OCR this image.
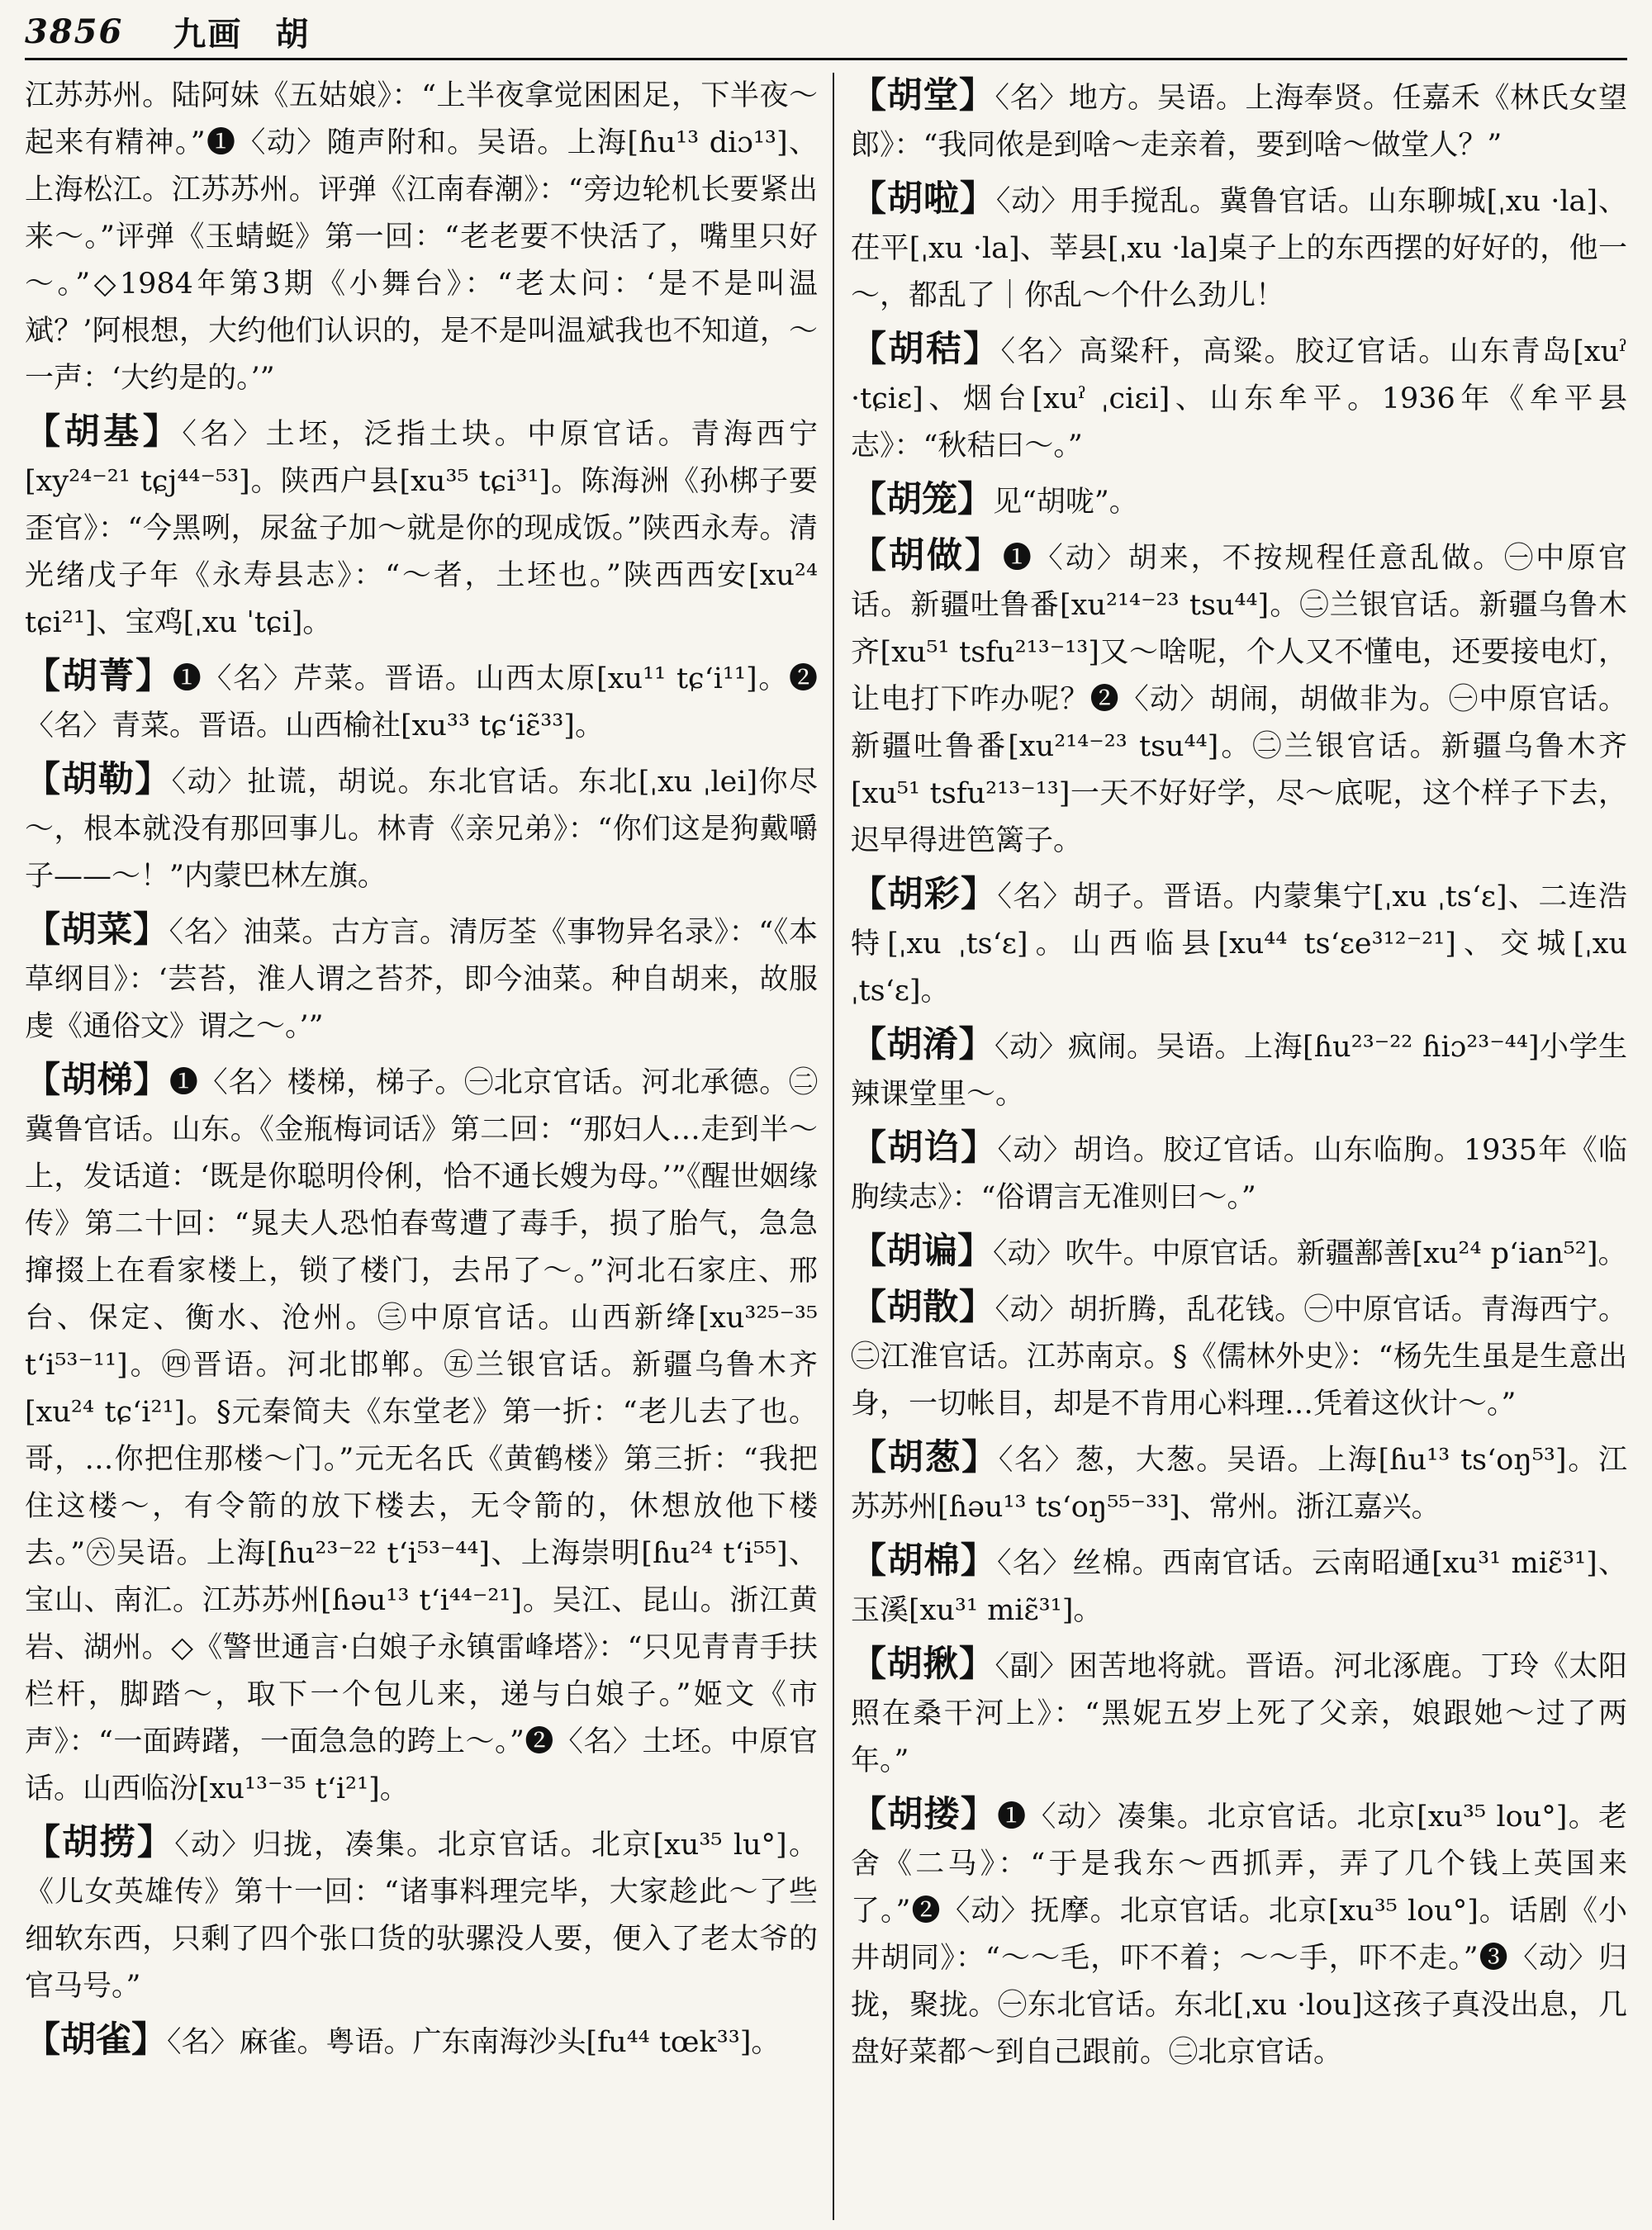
3856 九画 胡

江苏苏州。陆阿妹《五姑娘》：“上半夜拿觉困困足，下半夜～起来有精神。”❶〈动〉随声附和。吴语。上海[ɦu¹³ diɔ¹³]、上海松江。江苏苏州。评弹《江南春潮》：“旁边轮机长要紧出来～。”评弹《玉蜻蜓》第一回：“老老要不快活了，嘴里只好～。”◇1984年第3期《小舞台》：“老太问：‘是不是叫温斌？’阿根想，大约他们认识的，是不是叫温斌我也不知道，～一声：‘大约是的。’”

【胡基】〈名〉土坯，泛指土块。中原官话。青海西宁[xy²⁴⁻²¹ tɕj⁴⁴⁻⁵³]。陕西户县[xu³⁵ tɕi³¹]。陈海洲《孙梆子要歪官》：“今黑咧，尿盆子加～就是你的现成饭。”陕西永寿。清光绪戊子年《永寿县志》：“～者，土坯也。”陕西西安[xu²⁴ tɕi²¹]、宝鸡[ˌxu ˈtɕi]。

【胡菁】❶〈名〉芹菜。晋语。山西太原[xu¹¹ tɕʻi¹¹]。❷〈名〉青菜。晋语。山西榆社[xu³³ tɕʻiɛ̃³³]。

【胡勒】〈动〉扯谎，胡说。东北官话。东北[ˌxu ˌlei]你尽～，根本就没有那回事儿。林青《亲兄弟》：“你们这是狗戴嚼子——～！”内蒙巴林左旗。

【胡菜】〈名〉油菜。古方言。清厉荃《事物异名录》：“《本草纲目》：‘芸苔，淮人谓之苔芥，即今油菜。种自胡来，故服虔《通俗文》谓之～。’”

【胡梯】❶〈名〉楼梯，梯子。㊀北京官话。河北承德。㊁冀鲁官话。山东。《金瓶梅词话》第二回：“那妇人…走到半～上，发话道：‘既是你聪明伶俐，恰不通长嫂为母。’”《醒世姻缘传》第二十回：“晁夫人恐怕春莺遭了毒手，损了胎气，急急撺掇上在看家楼上，锁了楼门，去吊了～。”河北石家庄、邢台、保定、衡水、沧州。㊂中原官话。山西新绛[xu³²⁵⁻³⁵ tʻi⁵³⁻¹¹]。㊃晋语。河北邯郸。㊄兰银官话。新疆乌鲁木齐[xu²⁴ tɕʻi²¹]。§元秦简夫《东堂老》第一折：“老儿去了也。哥，…你把住那楼～门。”元无名氏《黄鹤楼》第三折：“我把住这楼～，有令箭的放下楼去，无令箭的，休想放他下楼去。”㊅吴语。上海[ɦu²³⁻²² tʻi⁵³⁻⁴⁴]、上海崇明[ɦu²⁴ tʻi⁵⁵]、宝山、南汇。江苏苏州[ɦəu¹³ tʻi⁴⁴⁻²¹]。吴江、昆山。浙江黄岩、湖州。◇《警世通言·白娘子永镇雷峰塔》：“只见青青手扶栏杆，脚踏～，取下一个包儿来，递与白娘子。”姬文《市声》：“一面踌躇，一面急急的跨上～。”❷〈名〉土坯。中原官话。山西临汾[xu¹³⁻³⁵ tʻi²¹]。

【胡捞】〈动〉归拢，凑集。北京官话。北京[xu³⁵ lu°]。《儿女英雄传》第十一回：“诸事料理完毕，大家趁此～了些细软东西，只剩了四个张口货的驮骡没人要，便入了老太爷的官马号。”

【胡雀】〈名〉麻雀。粤语。广东南海沙头[fu⁴⁴ tœk³³]。

【胡堂】〈名〉地方。吴语。上海奉贤。任嘉禾《林氏女望郎》：“我同侬是到啥～走亲着，要到啥～做堂人？”

【胡啦】〈动〉用手搅乱。冀鲁官话。山东聊城[ˌxu ·la]、茌平[ˌxu ·la]、莘县[ˌxu ·la]桌子上的东西摆的好好的，他一～，都乱了｜你乱～个什么劲儿！

【胡秸】〈名〉高粱秆，高粱。胶辽官话。山东青岛[xuˀ ·tɕiɛ]、烟台[xuˀ ˌciɛi]、山东牟平。1936年《牟平县志》：“秋秸曰～。”

【胡笼】见“胡咙”。

【胡做】❶〈动〉胡来，不按规程任意乱做。㊀中原官话。新疆吐鲁番[xu²¹⁴⁻²³ tsu⁴⁴]。㊁兰银官话。新疆乌鲁木齐[xu⁵¹ tsfu²¹³⁻¹³]又～啥呢，个人又不懂电，还要接电灯，让电打下咋办呢？❷〈动〉胡闹，胡做非为。㊀中原官话。新疆吐鲁番[xu²¹⁴⁻²³ tsu⁴⁴]。㊁兰银官话。新疆乌鲁木齐[xu⁵¹ tsfu²¹³⁻¹³]一天不好好学，尽～底呢，这个样子下去，迟早得进笆篱子。

【胡彩】〈名〉胡子。晋语。内蒙集宁[ˌxu ˌtsʻɛ]、二连浩特[ˌxu ˌtsʻɛ]。山西临县[xu⁴⁴ tsʻɛe³¹²⁻²¹]、交城[ˌxu ˌtsʻɛ]。

【胡淆】〈动〉疯闹。吴语。上海[ɦu²³⁻²² ɦiɔ²³⁻⁴⁴]小学生辣课堂里～。

【胡诌】〈动〉胡诌。胶辽官话。山东临朐。1935年《临朐续志》：“俗谓言无准则曰～。”

【胡谝】〈动〉吹牛。中原官话。新疆鄯善[xu²⁴ pʻian⁵²]。

【胡散】〈动〉胡折腾，乱花钱。㊀中原官话。青海西宁。㊁江淮官话。江苏南京。§《儒林外史》：“杨先生虽是生意出身，一切帐目，却是不肯用心料理…凭着这伙计～。”

【胡葱】〈名〉葱，大葱。吴语。上海[ɦu¹³ tsʻoŋ⁵³]。江苏苏州[ɦəu¹³ tsʻoŋ⁵⁵⁻³³]、常州。浙江嘉兴。

【胡棉】〈名〉丝棉。西南官话。云南昭通[xu³¹ miɛ̃³¹]、玉溪[xu³¹ miɛ̃³¹]。

【胡揪】〈副〉困苦地将就。晋语。河北涿鹿。丁玲《太阳照在桑干河上》：“黑妮五岁上死了父亲，娘跟她～过了两年。”

【胡搂】❶〈动〉凑集。北京官话。北京[xu³⁵ lou°]。老舍《二马》：“于是我东～西抓弄，弄了几个钱上英国来了。”❷〈动〉抚摩。北京官话。北京[xu³⁵ lou°]。话剧《小井胡同》：“～～毛，吓不着；～～手，吓不走。”❸〈动〉归拢，聚拢。㊀东北官话。东北[ˌxu ·lou]这孩子真没出息，几盘好菜都～到自己跟前。㊁北京官话。
